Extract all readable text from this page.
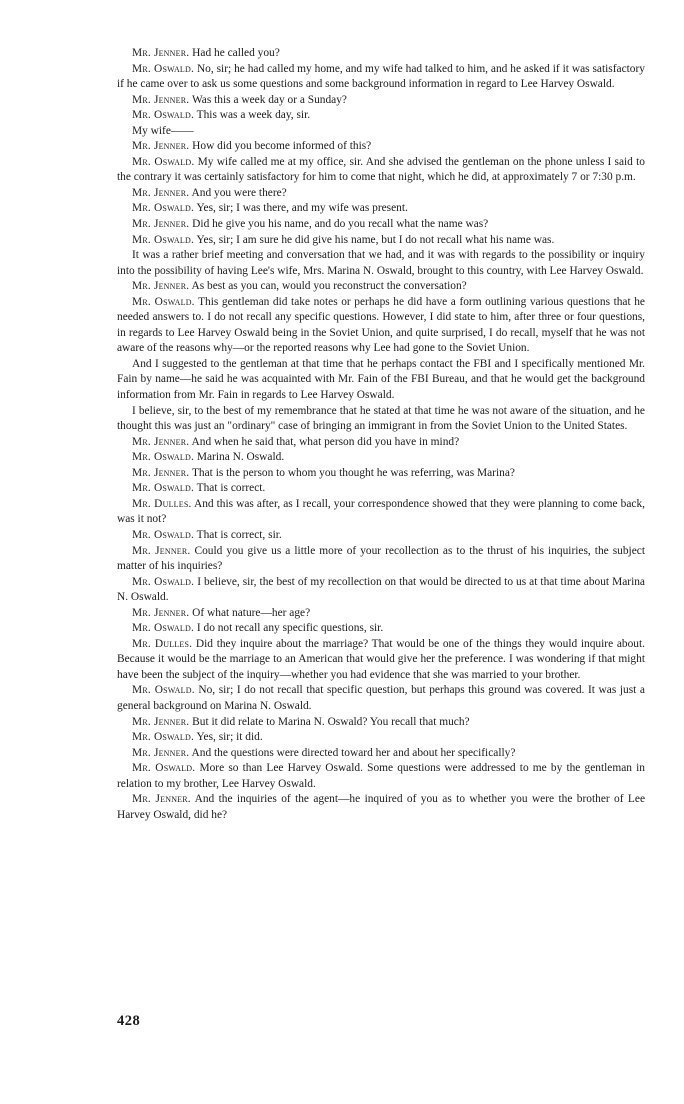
Mr. Jenner. Had he called you?

Mr. Oswald. No, sir; he had called my home, and my wife had talked to him, and he asked if it was satisfactory if he came over to ask us some questions and some background information in regard to Lee Harvey Oswald.

Mr. Jenner. Was this a week day or a Sunday?

Mr. Oswald. This was a week day, sir.

My wife——

Mr. Jenner. How did you become informed of this?

Mr. Oswald. My wife called me at my office, sir. And she advised the gentleman on the phone unless I said to the contrary it was certainly satisfactory for him to come that night, which he did, at approximately 7 or 7:30 p.m.

Mr. Jenner. And you were there?

Mr. Oswald. Yes, sir; I was there, and my wife was present.

Mr. Jenner. Did he give you his name, and do you recall what the name was?

Mr. Oswald. Yes, sir; I am sure he did give his name, but I do not recall what his name was.

It was a rather brief meeting and conversation that we had, and it was with regards to the possibility or inquiry into the possibility of having Lee's wife, Mrs. Marina N. Oswald, brought to this country, with Lee Harvey Oswald.

Mr. Jenner. As best as you can, would you reconstruct the conversation?

Mr. Oswald. This gentleman did take notes or perhaps he did have a form outlining various questions that he needed answers to. I do not recall any specific questions. However, I did state to him, after three or four questions, in regards to Lee Harvey Oswald being in the Soviet Union, and quite surprised, I do recall, myself that he was not aware of the reasons why—or the reported reasons why Lee had gone to the Soviet Union.

And I suggested to the gentleman at that time that he perhaps contact the FBI and I specifically mentioned Mr. Fain by name—he said he was acquainted with Mr. Fain of the FBI Bureau, and that he would get the background information from Mr. Fain in regards to Lee Harvey Oswald.

I believe, sir, to the best of my remembrance that he stated at that time he was not aware of the situation, and he thought this was just an "ordinary" case of bringing an immigrant in from the Soviet Union to the United States.

Mr. Jenner. And when he said that, what person did you have in mind?

Mr. Oswald. Marina N. Oswald.

Mr. Jenner. That is the person to whom you thought he was referring, was Marina?

Mr. Oswald. That is correct.

Mr. Dulles. And this was after, as I recall, your correspondence showed that they were planning to come back, was it not?

Mr. Oswald. That is correct, sir.

Mr. Jenner. Could you give us a little more of your recollection as to the thrust of his inquiries, the subject matter of his inquiries?

Mr. Oswald. I believe, sir, the best of my recollection on that would be directed to us at that time about Marina N. Oswald.

Mr. Jenner. Of what nature—her age?

Mr. Oswald. I do not recall any specific questions, sir.

Mr. Dulles. Did they inquire about the marriage? That would be one of the things they would inquire about. Because it would be the marriage to an American that would give her the preference. I was wondering if that might have been the subject of the inquiry—whether you had evidence that she was married to your brother.

Mr. Oswald. No, sir; I do not recall that specific question, but perhaps this ground was covered. It was just a general background on Marina N. Oswald.

Mr. Jenner. But it did relate to Marina N. Oswald? You recall that much?

Mr. Oswald. Yes, sir; it did.

Mr. Jenner. And the questions were directed toward her and about her specifically?

Mr. Oswald. More so than Lee Harvey Oswald. Some questions were addressed to me by the gentleman in relation to my brother, Lee Harvey Oswald.

Mr. Jenner. And the inquiries of the agent—he inquired of you as to whether you were the brother of Lee Harvey Oswald, did he?

428
